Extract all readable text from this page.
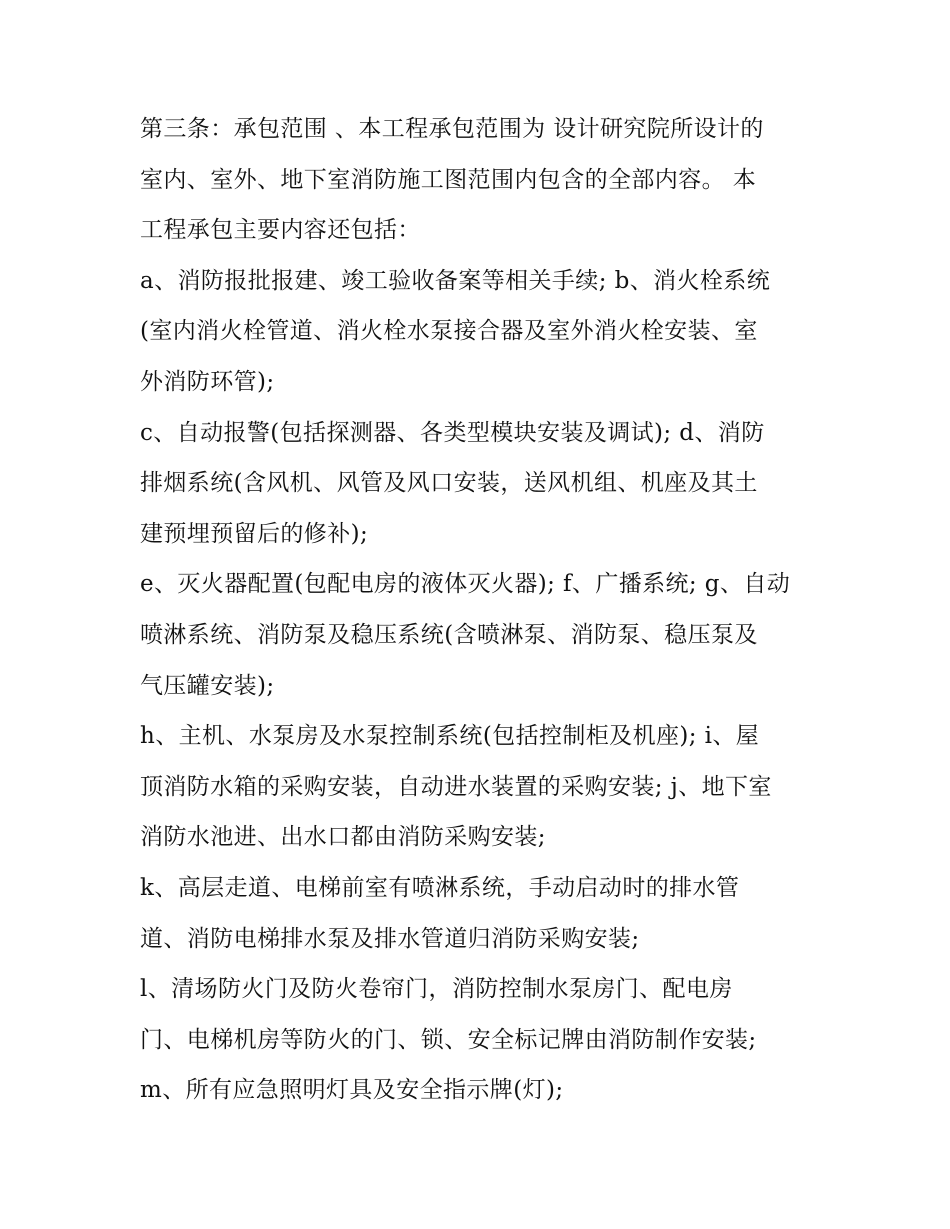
第三条：承包范围 、本工程承包范围为 设计研究院所设计的
室内、室外、地下室消防施工图范围内包含的全部内容。 本
工程承包主要内容还包括：
a、消防报批报建、竣工验收备案等相关手续; b、消火栓系统
(室内消火栓管道、消火栓水泵接合器及室外消火栓安装、室
外消防环管);
c、自动报警(包括探测器、各类型模块安装及调试); d、消防
排烟系统(含风机、风管及风口安装，送风机组、机座及其土
建预埋预留后的修补);
e、灭火器配置(包配电房的液体灭火器); f、广播系统; g、自动
喷淋系统、消防泵及稳压系统(含喷淋泵、消防泵、稳压泵及
气压罐安装);
h、主机、水泵房及水泵控制系统(包括控制柜及机座); i、屋
顶消防水箱的采购安装，自动进水装置的采购安装; j、地下室
消防水池进、出水口都由消防采购安装;
k、高层走道、电梯前室有喷淋系统，手动启动时的排水管
道、消防电梯排水泵及排水管道归消防采购安装;
l、清场防火门及防火卷帘门，消防控制水泵房门、配电房
门、电梯机房等防火的门、锁、安全标记牌由消防制作安装;
m、所有应急照明灯具及安全指示牌(灯);
